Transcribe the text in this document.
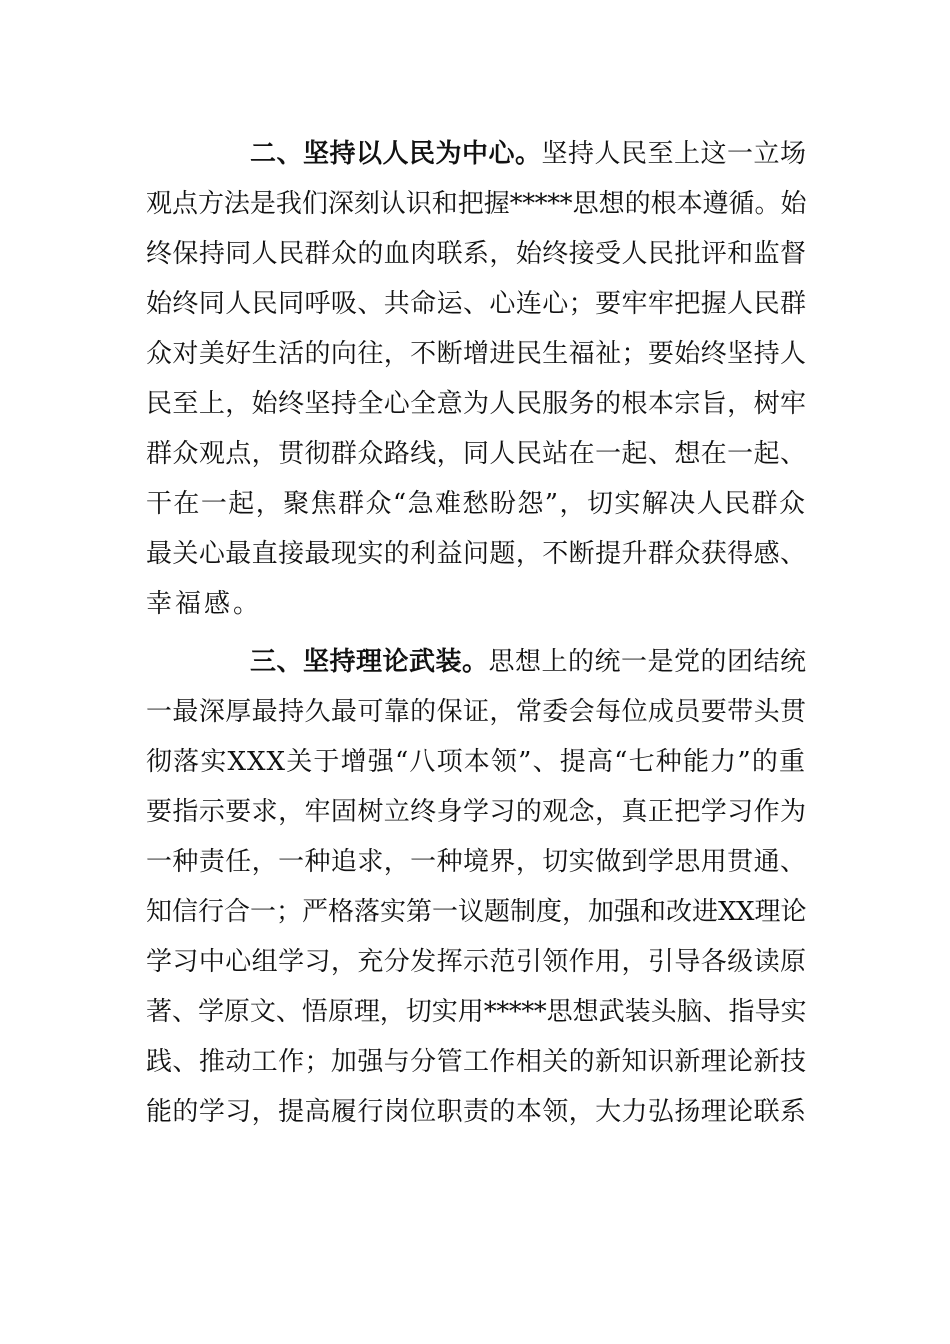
二、坚持以人民为中心。坚持人民至上这一立场
观点方法是我们深刻认识和把握*****思想的根本遵循。始
终保持同人民群众的血肉联系，始终接受人民批评和监督
始终同人民同呼吸、共命运、心连心；要牢牢把握人民群
众对美好生活的向往，不断增进民生福祉；要始终坚持人
民至上，始终坚持全心全意为人民服务的根本宗旨，树牢
群众观点，贯彻群众路线，同人民站在一起、想在一起、
干在一起，聚焦群众“急难愁盼怨”，切实解决人民群众
最关心最直接最现实的利益问题，不断提升群众获得感、
幸福感。
三、坚持理论武装。思想上的统一是党的团结统
一最深厚最持久最可靠的保证，常委会每位成员要带头贯
彻落实XXX关于增强“八项本领”、提高“七种能力”的重
要指示要求，牢固树立终身学习的观念，真正把学习作为
一种责任，一种追求，一种境界，切实做到学思用贯通、
知信行合一；严格落实第一议题制度，加强和改进XX理论
学习中心组学习，充分发挥示范引领作用，引导各级读原
著、学原文、悟原理，切实用*****思想武装头脑、指导实
践、推动工作；加强与分管工作相关的新知识新理论新技
能的学习，提高履行岗位职责的本领，大力弘扬理论联系
